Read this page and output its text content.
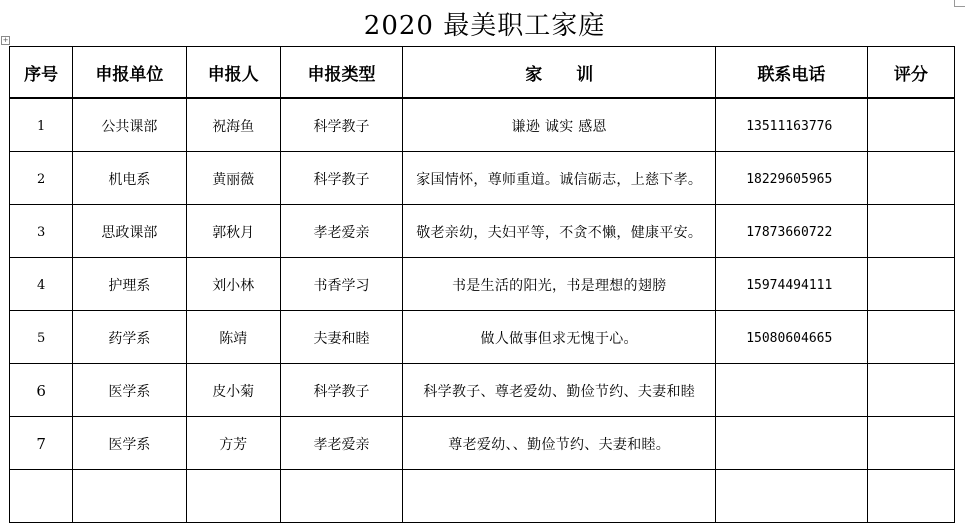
+	2020 最美职工家庭
序号	申报单位	申报人	申报类型	家　　训	联系电话	评分
1	公共课部	祝海鱼	科学教子	谦逊 诚实 感恩	13511163776	
2	机电系	黄丽薇	科学教子	家国情怀，尊师重道。诚信砺志，上慈下孝。	18229605965	
3	思政课部	郭秋月	孝老爱亲	敬老亲幼，夫妇平等，不贪不懒，健康平安。	17873660722	
4	护理系	刘小林	书香学习	书是生活的阳光，书是理想的翅膀	15974494111	
5	药学系	陈靖	夫妻和睦	做人做事但求无愧于心。	15080604665	
6	医学系	皮小菊	科学教子	科学教子、尊老爱幼、勤俭节约、夫妻和睦		
7	医学系	方芳	孝老爱亲	尊老爱幼、、勤俭节约、夫妻和睦。		
